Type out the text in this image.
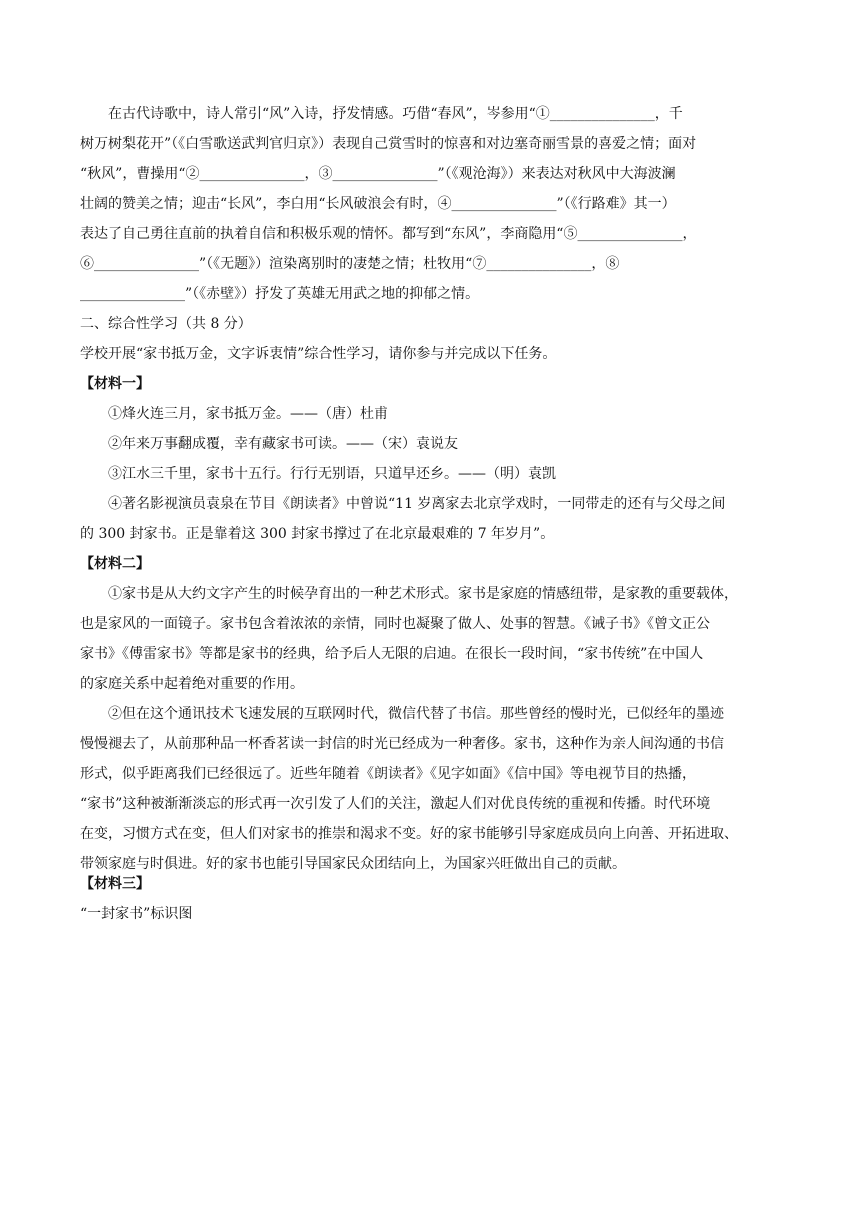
在古代诗歌中，诗人常引“风”入诗，抒发情感。巧借“春风”，岑参用“①_______________，千
树万树梨花开”（《白雪歌送武判官归京》）表现自己赏雪时的惊喜和对边塞奇丽雪景的喜爱之情；面对
“秋风”，曹操用“②_______________，③_______________”（《观沧海》）来表达对秋风中大海波澜
壮阔的赞美之情；迎击“长风”，李白用“长风破浪会有时，④_______________”（《行路难》其一）
表达了自己勇往直前的执着自信和积极乐观的情怀。都写到“东风”，李商隐用“⑤_______________，
⑥_______________”（《无题》）渲染离别时的凄楚之情；杜牧用“⑦_______________，⑧
_______________”（《赤壁》）抒发了英雄无用武之地的抑郁之情。
二、综合性学习（共 8 分）
学校开展“家书抵万金，文字诉衷情”综合性学习，请你参与并完成以下任务。
【材料一】
①烽火连三月，家书抵万金。——（唐）杜甫
②年来万事翻成覆，幸有藏家书可读。——（宋）袁说友
③江水三千里，家书十五行。行行无别语，只道早还乡。——（明）袁凯
④著名影视演员袁泉在节目《朗读者》中曾说“11 岁离家去北京学戏时，一同带走的还有与父母之间
的 300 封家书。正是靠着这 300 封家书撑过了在北京最艰难的 7 年岁月”。
【材料二】
①家书是从大约文字产生的时候孕育出的一种艺术形式。家书是家庭的情感纽带，是家教的重要载体，
也是家风的一面镜子。家书包含着浓浓的亲情，同时也凝聚了做人、处事的智慧。《诫子书》《曾文正公
家书》《傅雷家书》等都是家书的经典，给予后人无限的启迪。在很长一段时间，“家书传统”在中国人
的家庭关系中起着绝对重要的作用。
②但在这个通讯技术飞速发展的互联网时代，微信代替了书信。那些曾经的慢时光，已似经年的墨迹
慢慢褪去了，从前那种品一杯香茗读一封信的时光已经成为一种奢侈。家书，这种作为亲人间沟通的书信
形式，似乎距离我们已经很远了。近些年随着《朗读者》《见字如面》《信中国》等电视节目的热播，
“家书”这种被渐渐淡忘的形式再一次引发了人们的关注，激起人们对优良传统的重视和传播。时代环境
在变，习惯方式在变，但人们对家书的推崇和渴求不变。好的家书能够引导家庭成员向上向善、开拓进取、
带领家庭与时俱进。好的家书也能引导国家民众团结向上，为国家兴旺做出自己的贡献。
【材料三】
“一封家书”标识图
